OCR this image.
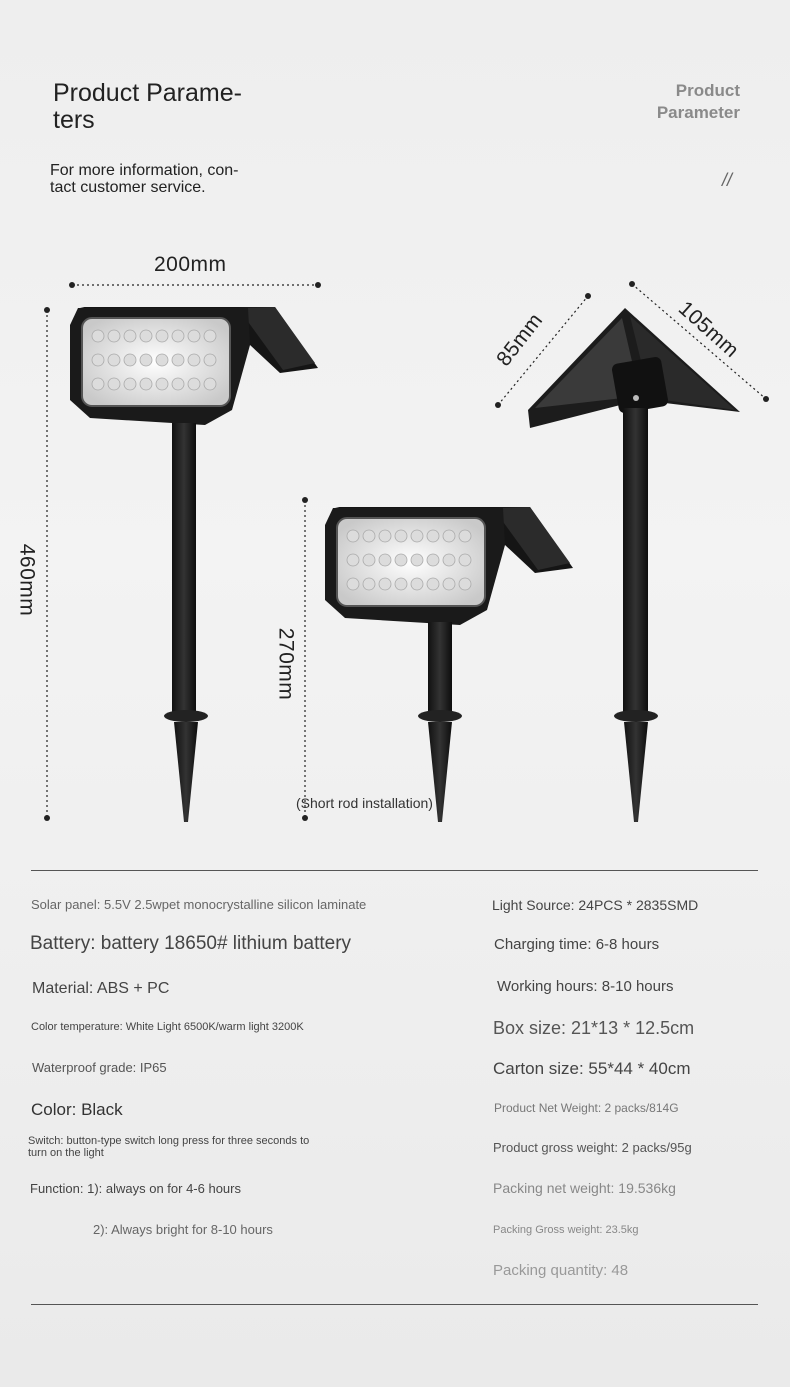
Product Parame-
ters
For more information, con-
tact customer service.
Product
Parameter
//
200mm
460mm
270mm
85mm	105mm
(Short rod installation)
Solar panel: 5.5V 2.5wpet monocrystalline silicon laminate
Battery: battery 18650# lithium battery
Material: ABS + PC
Color temperature: White Light 6500K/warm light 3200K
Waterproof grade: IP65
Color: Black
Switch: button-type switch long press for three seconds to
turn on the light
Function: 1): always on for 4-6 hours
2): Always bright for 8-10 hours
Light Source: 24PCS * 2835SMD
Charging time: 6-8 hours
Working hours: 8-10 hours
Box size: 21*13 * 12.5cm
Carton size: 55*44 * 40cm
Product Net Weight: 2 packs/814G
Product gross weight: 2 packs/95g
Packing net weight: 19.536kg
Packing Gross weight: 23.5kg
Packing quantity: 48
